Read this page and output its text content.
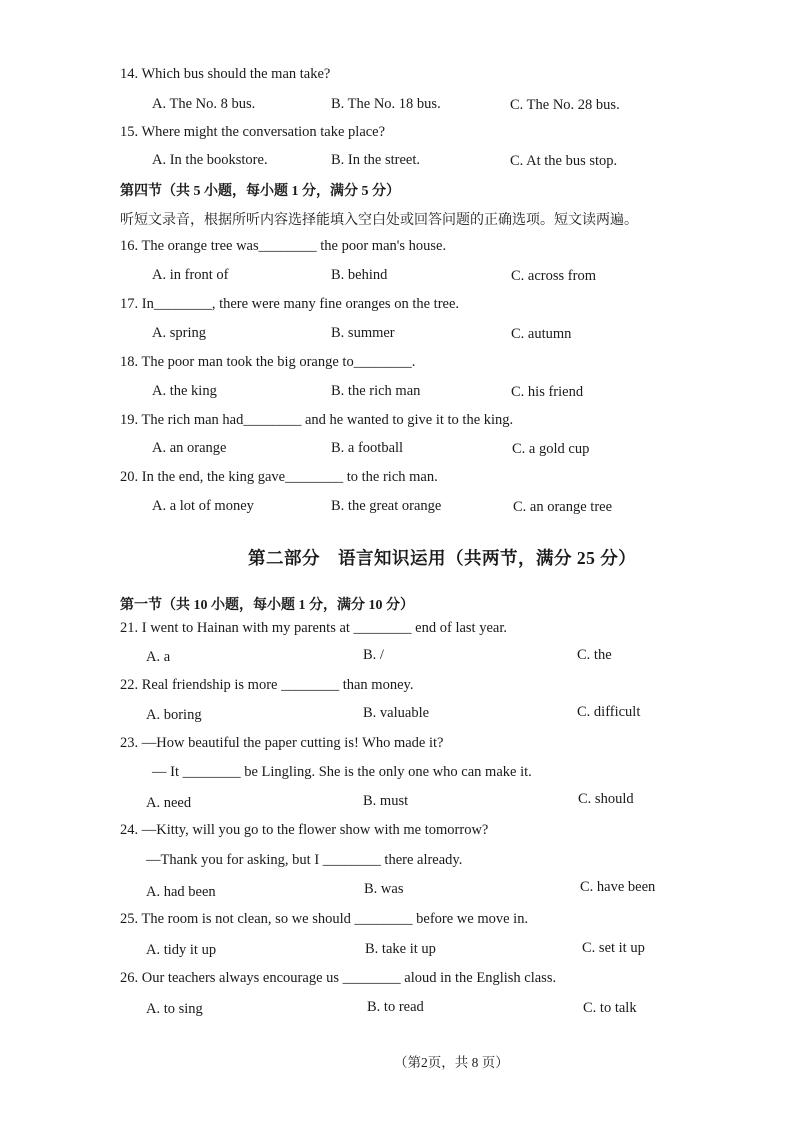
14. Which bus should the man take?
A. The No. 8 bus.	B. The No. 18 bus.	C. The No. 28 bus.
15. Where might the conversation take place?
A. In the bookstore.	B. In the street.	C. At the bus stop.
第四节（共 5 小题，每小题 1 分，满分 5 分）
听短文录音，根据所听内容选择能填入空白处或回答问题的正确选项。短文读两遍。
16. The orange tree was________ the poor man's house.
A. in front of	B. behind	C. across from
17. In________, there were many fine oranges on the tree.
A. spring	B. summer	C. autumn
18. The poor man took the big orange to________.
A. the king	B. the rich man	C. his friend
19. The rich man had________ and he wanted to give it to the king.
A. an orange	B. a football	C. a gold cup
20. In the end, the king gave________ to the rich man.
A. a lot of money	B. the great orange	C. an orange tree
第二部分　语言知识运用（共两节，满分 25 分）
第一节（共 10 小题，每小题 1 分，满分 10 分）
21. I went to Hainan with my parents at ________ end of last year.
A. a	B. /	C. the
22. Real friendship is more ________ than money.
A. boring	B. valuable	C. difficult
23. —How beautiful the paper cutting is! Who made it?
— It ________ be Lingling. She is the only one who can make it.
A. need	B. must	C. should
24. —Kitty, will you go to the flower show with me tomorrow?
—Thank you for asking, but I ________ there already.
A. had been	B. was	C. have been
25. The room is not clean, so we should ________ before we move in.
A. tidy it up	B. take it up	C. set it up
26. Our teachers always encourage us ________ aloud in the English class.
A. to sing	B. to read	C. to talk
（第2页，共 8 页）
